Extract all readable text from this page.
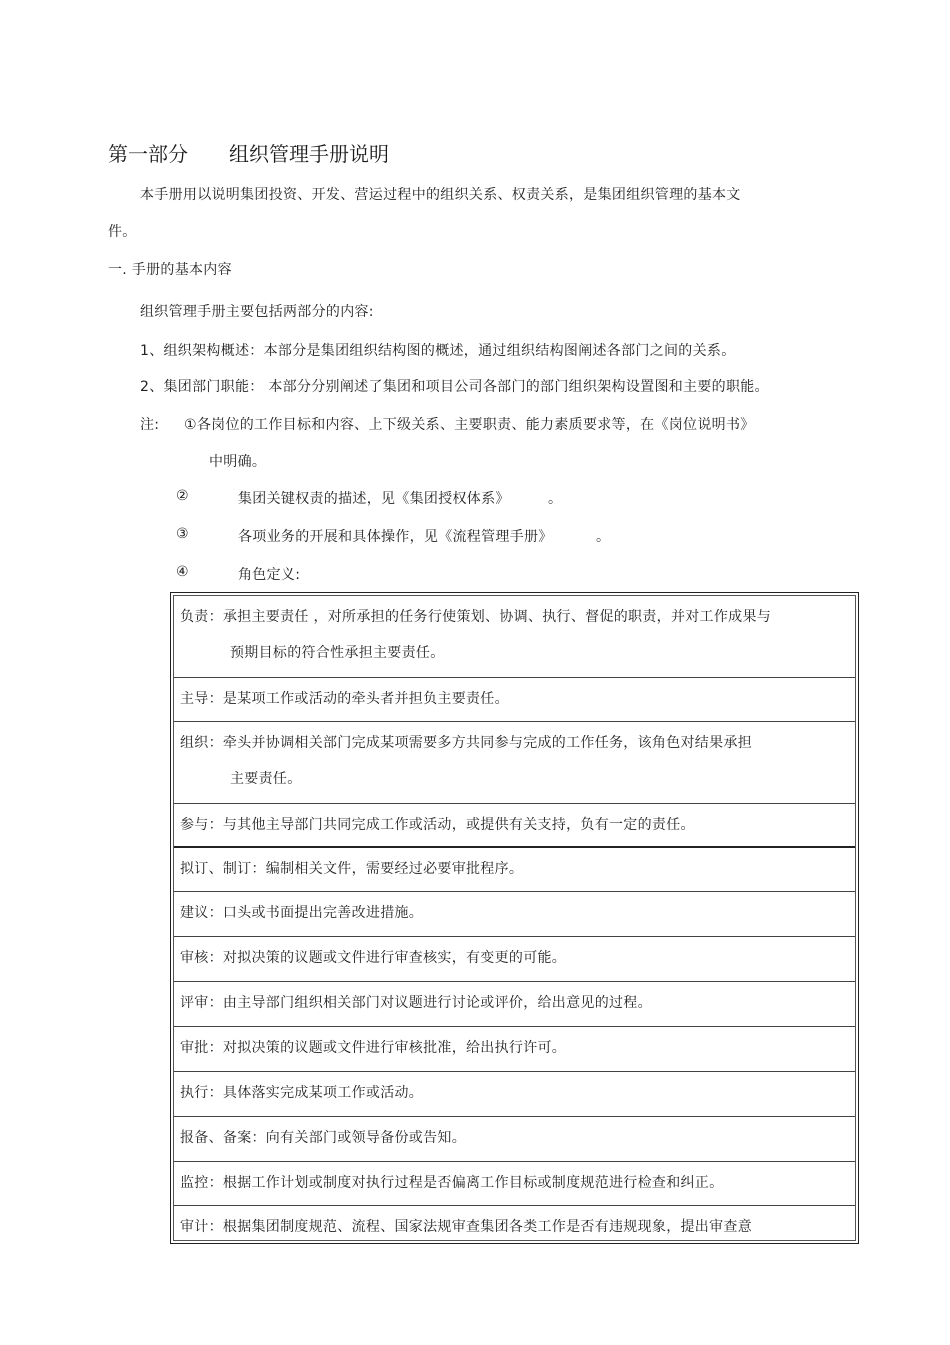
第一部分 组织管理手册说明
本手册用以说明集团投资、开发、营运过程中的组织关系、权责关系，是集团组织管理的基本文
件。
一. 手册的基本内容
组织管理手册主要包括两部分的内容:
1、组织架构概述：本部分是集团组织结构图的概述，通过组织结构图阐述各部门之间的关系。
2、集团部门职能： 本部分分别阐述了集团和项目公司各部门的部门组织架构设置图和主要的职能。
注: ①各岗位的工作目标和内容、上下级关系、主要职责、能力素质要求等，在《岗位说明书》
中明确。
②	集团关键权责的描述，见《集团授权体系》	。
③	各项业务的开展和具体操作，见《流程管理手册》	。
④	角色定义:
负责：承担主要责任 ，对所承担的任务行使策划、协调、执行、督促的职责，并对工作成果与
预期目标的符合性承担主要责任。
主导：是某项工作或活动的牵头者并担负主要责任。
组织：牵头并协调相关部门完成某项需要多方共同参与完成的工作任务，该角色对结果承担
主要责任。
参与：与其他主导部门共同完成工作或活动，或提供有关支持，负有一定的责任。
拟订、制订：编制相关文件，需要经过必要审批程序。
建议：口头或书面提出完善改进措施。
审核：对拟决策的议题或文件进行审查核实，有变更的可能。
评审：由主导部门组织相关部门对议题进行讨论或评价，给出意见的过程。
审批：对拟决策的议题或文件进行审核批准，给出执行许可。
执行：具体落实完成某项工作或活动。
报备、备案：向有关部门或领导备份或告知。
监控：根据工作计划或制度对执行过程是否偏离工作目标或制度规范进行检查和纠正。
审计：根据集团制度规范、流程、国家法规审查集团各类工作是否有违规现象，提出审查意
